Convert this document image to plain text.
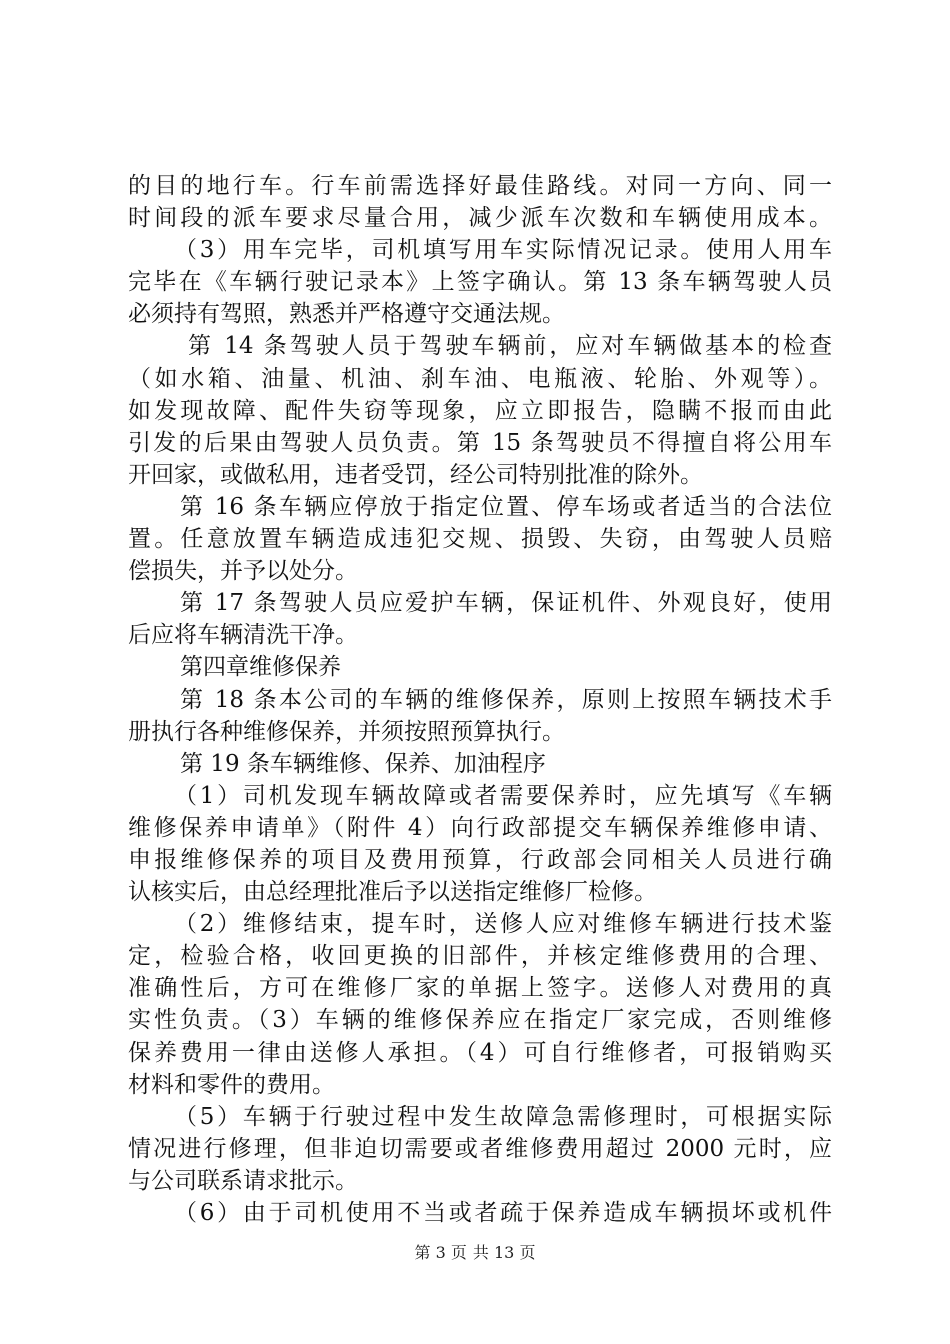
的目的地行车。行车前需选择好最佳路线。对同一方向、同一
时间段的派车要求尽量合用，减少派车次数和车辆使用成本。
（3）用车完毕，司机填写用车实际情况记录。使用人用车
完毕在《车辆行驶记录本》上签字确认。第 13 条车辆驾驶人员
必须持有驾照，熟悉并严格遵守交通法规。
第 14 条驾驶人员于驾驶车辆前，应对车辆做基本的检查
（如水箱、油量、机油、刹车油、电瓶液、轮胎、外观等）。
如发现故障、配件失窃等现象，应立即报告，隐瞒不报而由此
引发的后果由驾驶人员负责。第 15 条驾驶员不得擅自将公用车
开回家，或做私用，违者受罚，经公司特别批准的除外。
第 16 条车辆应停放于指定位置、停车场或者适当的合法位
置。任意放置车辆造成违犯交规、损毁、失窃，由驾驶人员赔
偿损失，并予以处分。
第 17 条驾驶人员应爱护车辆，保证机件、外观良好，使用
后应将车辆清洗干净。
第四章维修保养
第 18 条本公司的车辆的维修保养，原则上按照车辆技术手
册执行各种维修保养，并须按照预算执行。
第 19 条车辆维修、保养、加油程序
（1）司机发现车辆故障或者需要保养时，应先填写《车辆
维修保养申请单》（附件 4）向行政部提交车辆保养维修申请、
申报维修保养的项目及费用预算，行政部会同相关人员进行确
认核实后，由总经理批准后予以送指定维修厂检修。
（2）维修结束，提车时，送修人应对维修车辆进行技术鉴
定，检验合格，收回更换的旧部件，并核定维修费用的合理、
准确性后，方可在维修厂家的单据上签字。送修人对费用的真
实性负责。（3）车辆的维修保养应在指定厂家完成，否则维修
保养费用一律由送修人承担。（4）可自行维修者，可报销购买
材料和零件的费用。
（5）车辆于行驶过程中发生故障急需修理时，可根据实际
情况进行修理，但非迫切需要或者维修费用超过 2000 元时，应
与公司联系请求批示。
（6）由于司机使用不当或者疏于保养造成车辆损坏或机件
第 3 页 共 13 页
